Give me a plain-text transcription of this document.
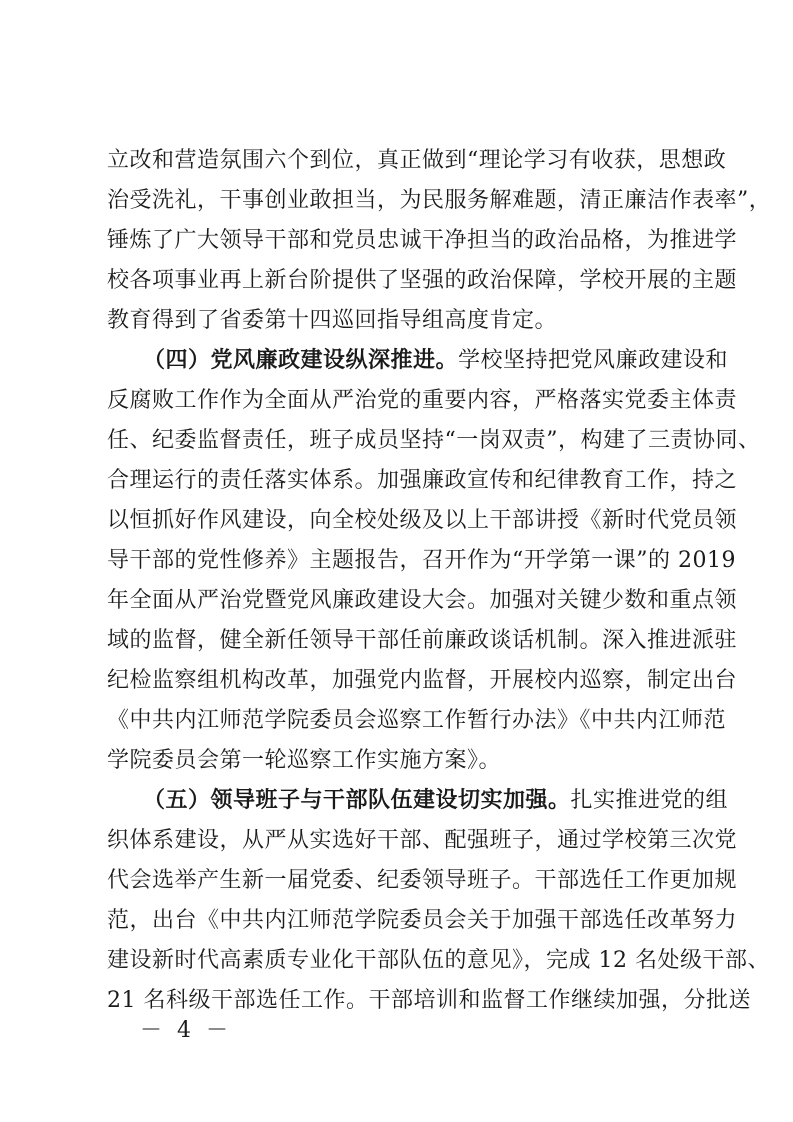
立改和营造氛围六个到位，真正做到“理论学习有收获，思想政
治受洗礼，干事创业敢担当，为民服务解难题，清正廉洁作表率”，
锤炼了广大领导干部和党员忠诚干净担当的政治品格，为推进学
校各项事业再上新台阶提供了坚强的政治保障，学校开展的主题
教育得到了省委第十四巡回指导组高度肯定。
（四）党风廉政建设纵深推进。学校坚持把党风廉政建设和
反腐败工作作为全面从严治党的重要内容，严格落实党委主体责
任、纪委监督责任，班子成员坚持“一岗双责”，构建了三责协同、
合理运行的责任落实体系。加强廉政宣传和纪律教育工作，持之
以恒抓好作风建设，向全校处级及以上干部讲授《新时代党员领
导干部的党性修养》主题报告，召开作为“开学第一课”的 2019
年全面从严治党暨党风廉政建设大会。加强对关键少数和重点领
域的监督，健全新任领导干部任前廉政谈话机制。深入推进派驻
纪检监察组机构改革，加强党内监督，开展校内巡察，制定出台
《中共内江师范学院委员会巡察工作暂行办法》《中共内江师范
学院委员会第一轮巡察工作实施方案》。
（五）领导班子与干部队伍建设切实加强。扎实推进党的组
织体系建设，从严从实选好干部、配强班子，通过学校第三次党
代会选举产生新一届党委、纪委领导班子。干部选任工作更加规
范，出台《中共内江师范学院委员会关于加强干部选任改革努力
建设新时代高素质专业化干部队伍的意见》，完成 12 名处级干部、
21 名科级干部选任工作。干部培训和监督工作继续加强，分批送
－ 4 －
